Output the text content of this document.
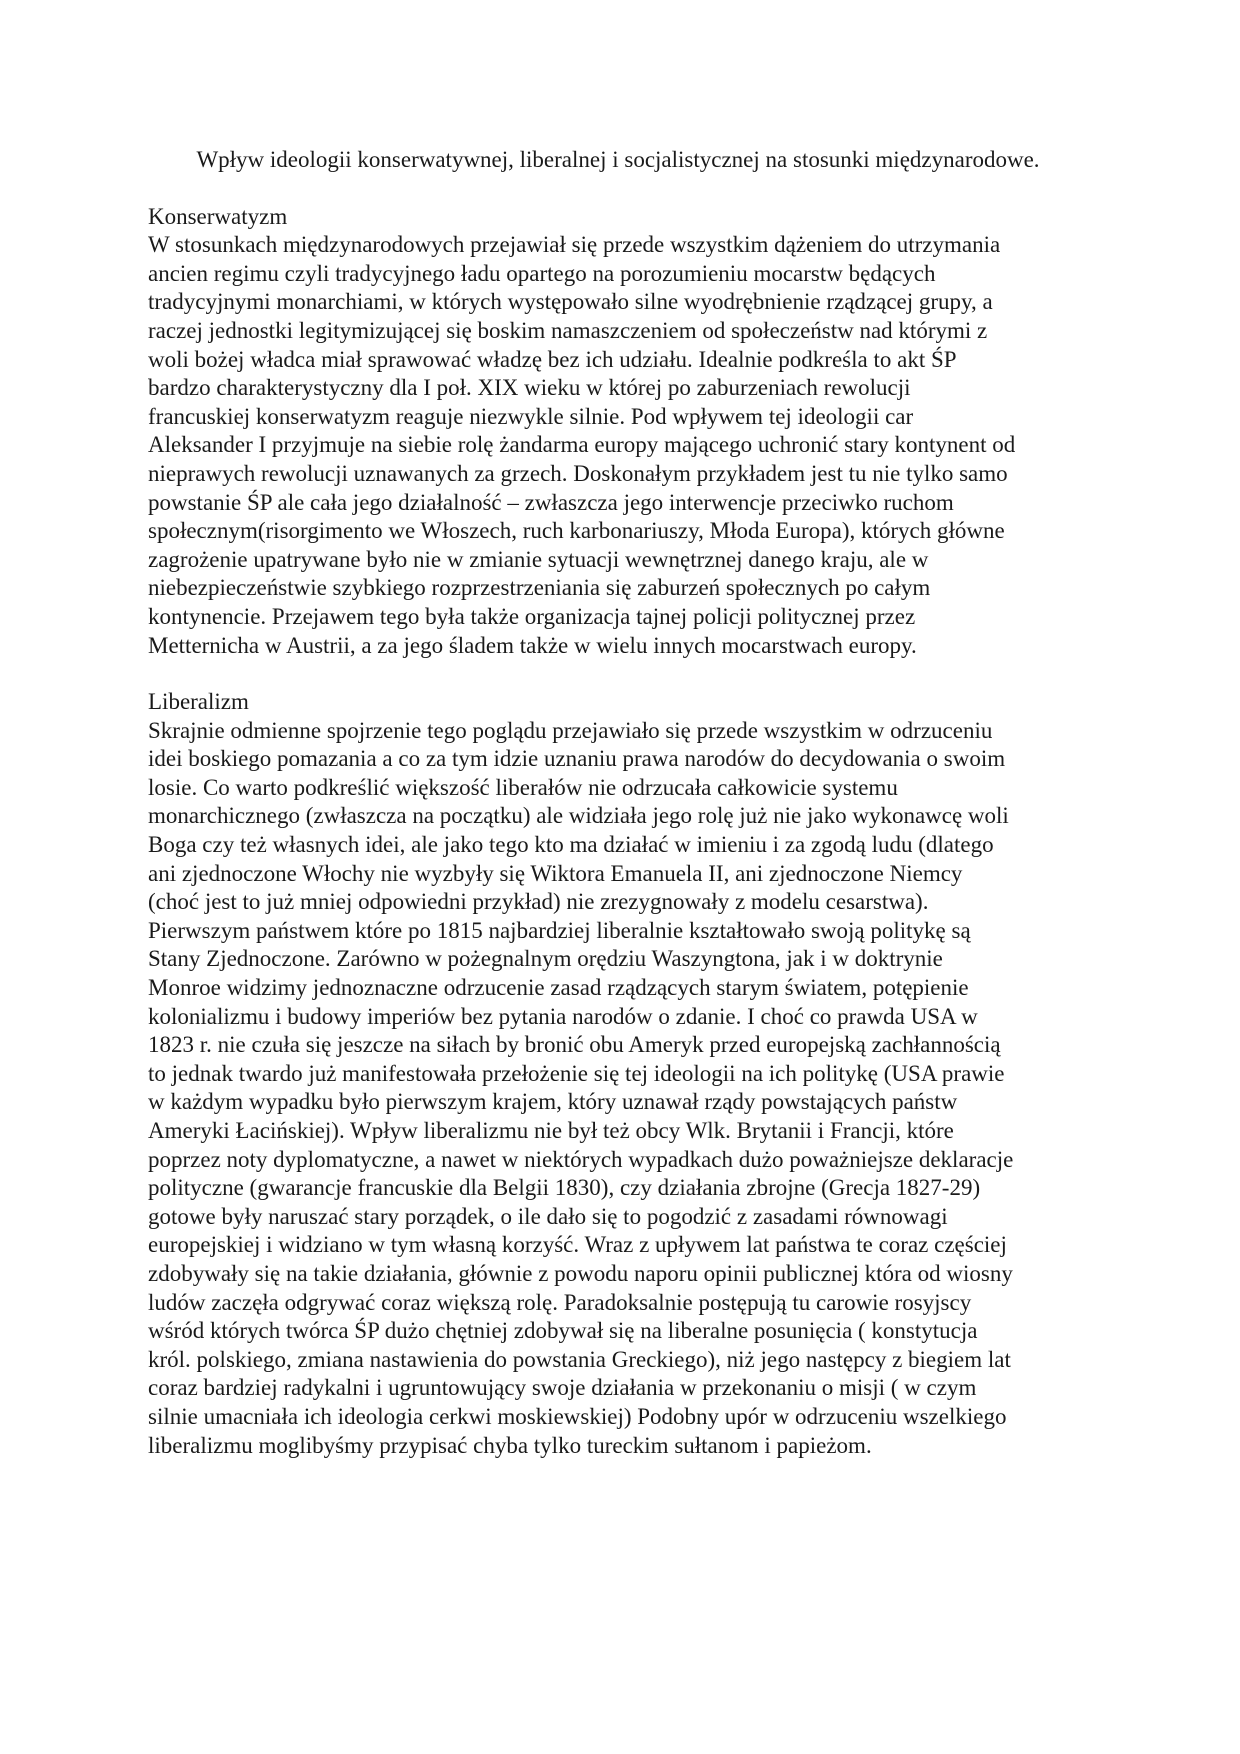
Wpływ ideologii konserwatywnej, liberalnej i socjalistycznej na stosunki międzynarodowe.
Konserwatyzm
W stosunkach międzynarodowych przejawiał się przede wszystkim dążeniem do utrzymania
ancien regimu czyli tradycyjnego ładu opartego na porozumieniu mocarstw będących
tradycyjnymi monarchiami, w których występowało silne wyodrębnienie rządzącej grupy, a
raczej jednostki legitymizującej się boskim namaszczeniem od społeczeństw nad którymi z
woli bożej władca miał sprawować władzę bez ich udziału. Idealnie podkreśla to akt ŚP
bardzo charakterystyczny dla I poł. XIX wieku w której po zaburzeniach rewolucji
francuskiej konserwatyzm reaguje niezwykle silnie. Pod wpływem tej ideologii car
Aleksander I przyjmuje na siebie rolę żandarma europy mającego uchronić stary kontynent od
nieprawych rewolucji uznawanych za grzech. Doskonałym przykładem jest tu nie tylko samo
powstanie ŚP ale cała jego działalność – zwłaszcza jego interwencje przeciwko ruchom
społecznym(risorgimento we Włoszech, ruch karbonariuszy, Młoda Europa), których główne
zagrożenie upatrywane było nie w zmianie sytuacji wewnętrznej danego kraju, ale w
niebezpieczeństwie szybkiego rozprzestrzeniania się zaburzeń społecznych po całym
kontynencie. Przejawem tego była także organizacja tajnej policji politycznej przez
Metternicha w Austrii, a za jego śladem także w wielu innych mocarstwach europy.
Liberalizm
Skrajnie odmienne spojrzenie tego poglądu przejawiało się przede wszystkim w odrzuceniu
idei boskiego pomazania a co za tym idzie uznaniu prawa narodów do decydowania o swoim
losie. Co warto podkreślić większość liberałów nie odrzucała całkowicie systemu
monarchicznego (zwłaszcza na początku) ale widziała jego rolę już nie jako wykonawcę woli
Boga czy też własnych idei, ale jako tego kto ma działać w imieniu i za zgodą ludu (dlatego
ani zjednoczone Włochy nie wyzbyły się Wiktora Emanuela II, ani zjednoczone Niemcy
(choć jest to już mniej odpowiedni przykład) nie zrezygnowały z modelu cesarstwa).
Pierwszym państwem które po 1815 najbardziej liberalnie kształtowało swoją politykę są
Stany Zjednoczone. Zarówno w pożegnalnym orędziu Waszyngtona, jak i w doktrynie
Monroe widzimy jednoznaczne odrzucenie zasad rządzących starym światem, potępienie
kolonializmu i budowy imperiów bez pytania narodów o zdanie. I choć co prawda USA w
1823 r. nie czuła się jeszcze na siłach by bronić obu Ameryk przed europejską zachłannością
to jednak twardo już manifestowała przełożenie się tej ideologii na ich politykę (USA prawie
w każdym wypadku było pierwszym krajem, który uznawał rządy powstających państw
Ameryki Łacińskiej). Wpływ liberalizmu nie był też obcy Wlk. Brytanii i Francji, które
poprzez noty dyplomatyczne, a nawet w niektórych wypadkach dużo poważniejsze deklaracje
polityczne (gwarancje francuskie dla Belgii 1830), czy działania zbrojne (Grecja 1827-29)
gotowe były naruszać stary porządek, o ile dało się to pogodzić z zasadami równowagi
europejskiej i widziano w tym własną korzyść. Wraz z upływem lat państwa te coraz częściej
zdobywały się na takie działania, głównie z powodu naporu opinii publicznej która od wiosny
ludów zaczęła odgrywać coraz większą rolę. Paradoksalnie postępują tu carowie rosyjscy
wśród których twórca ŚP dużo chętniej zdobywał się na liberalne posunięcia ( konstytucja
król. polskiego, zmiana nastawienia do powstania Greckiego), niż jego następcy z biegiem lat
coraz bardziej radykalni i ugruntowujący swoje działania w przekonaniu o misji ( w czym
silnie umacniała ich ideologia cerkwi moskiewskiej) Podobny upór w odrzuceniu wszelkiego
liberalizmu moglibyśmy przypisać chyba tylko tureckim sułtanom i papieżom.
